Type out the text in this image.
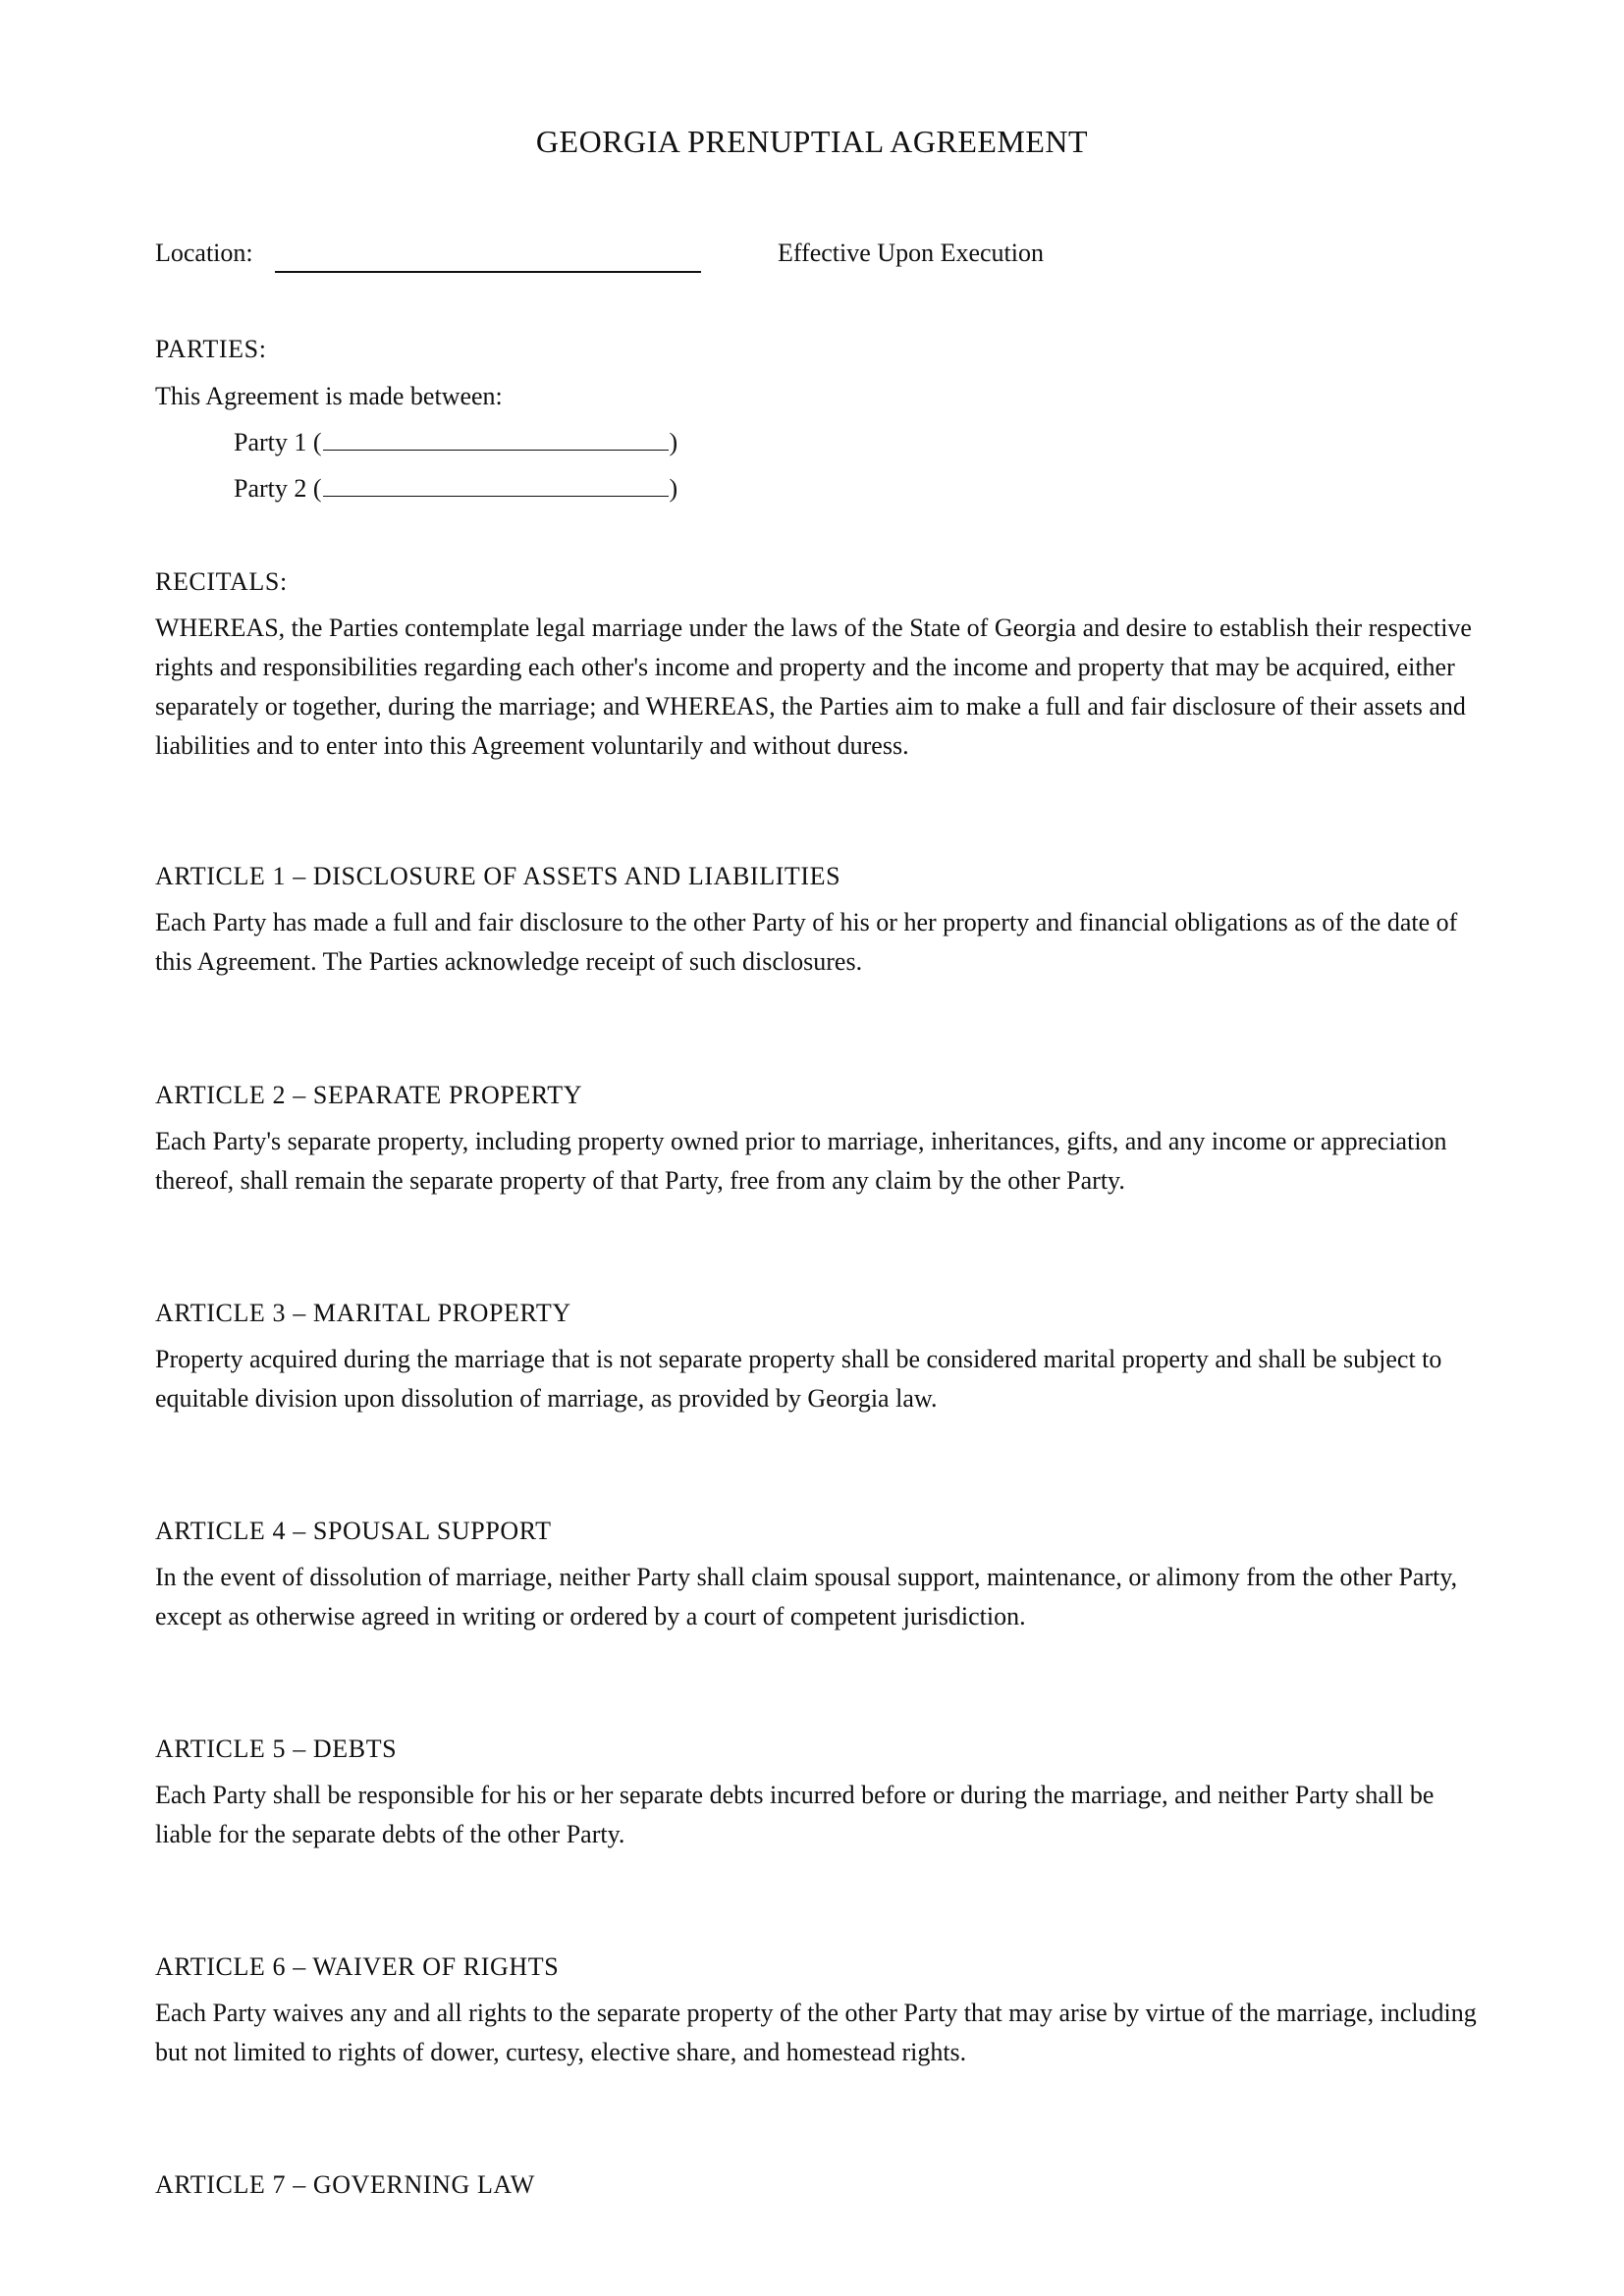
GEORGIA PRENUPTIAL AGREEMENT
Location:	Effective Upon Execution
PARTIES:
This Agreement is made between:
Party 1 (	)
Party 2 (	)
RECITALS:
WHEREAS, the Parties contemplate legal marriage under the laws of the State of Georgia and desire to establish their respective rights and responsibilities regarding each other's income and property and the income and property that may be acquired, either separately or together, during the marriage; and WHEREAS, the Parties aim to make a full and fair disclosure of their assets and liabilities and to enter into this Agreement voluntarily and without duress.
ARTICLE 1 – DISCLOSURE OF ASSETS AND LIABILITIES
Each Party has made a full and fair disclosure to the other Party of his or her property and financial obligations as of the date of this Agreement. The Parties acknowledge receipt of such disclosures.
ARTICLE 2 – SEPARATE PROPERTY
Each Party's separate property, including property owned prior to marriage, inheritances, gifts, and any income or appreciation thereof, shall remain the separate property of that Party, free from any claim by the other Party.
ARTICLE 3 – MARITAL PROPERTY
Property acquired during the marriage that is not separate property shall be considered marital property and shall be subject to equitable division upon dissolution of marriage, as provided by Georgia law.
ARTICLE 4 – SPOUSAL SUPPORT
In the event of dissolution of marriage, neither Party shall claim spousal support, maintenance, or alimony from the other Party, except as otherwise agreed in writing or ordered by a court of competent jurisdiction.
ARTICLE 5 – DEBTS
Each Party shall be responsible for his or her separate debts incurred before or during the marriage, and neither Party shall be liable for the separate debts of the other Party.
ARTICLE 6 – WAIVER OF RIGHTS
Each Party waives any and all rights to the separate property of the other Party that may arise by virtue of the marriage, including but not limited to rights of dower, curtesy, elective share, and homestead rights.
ARTICLE 7 – GOVERNING LAW
